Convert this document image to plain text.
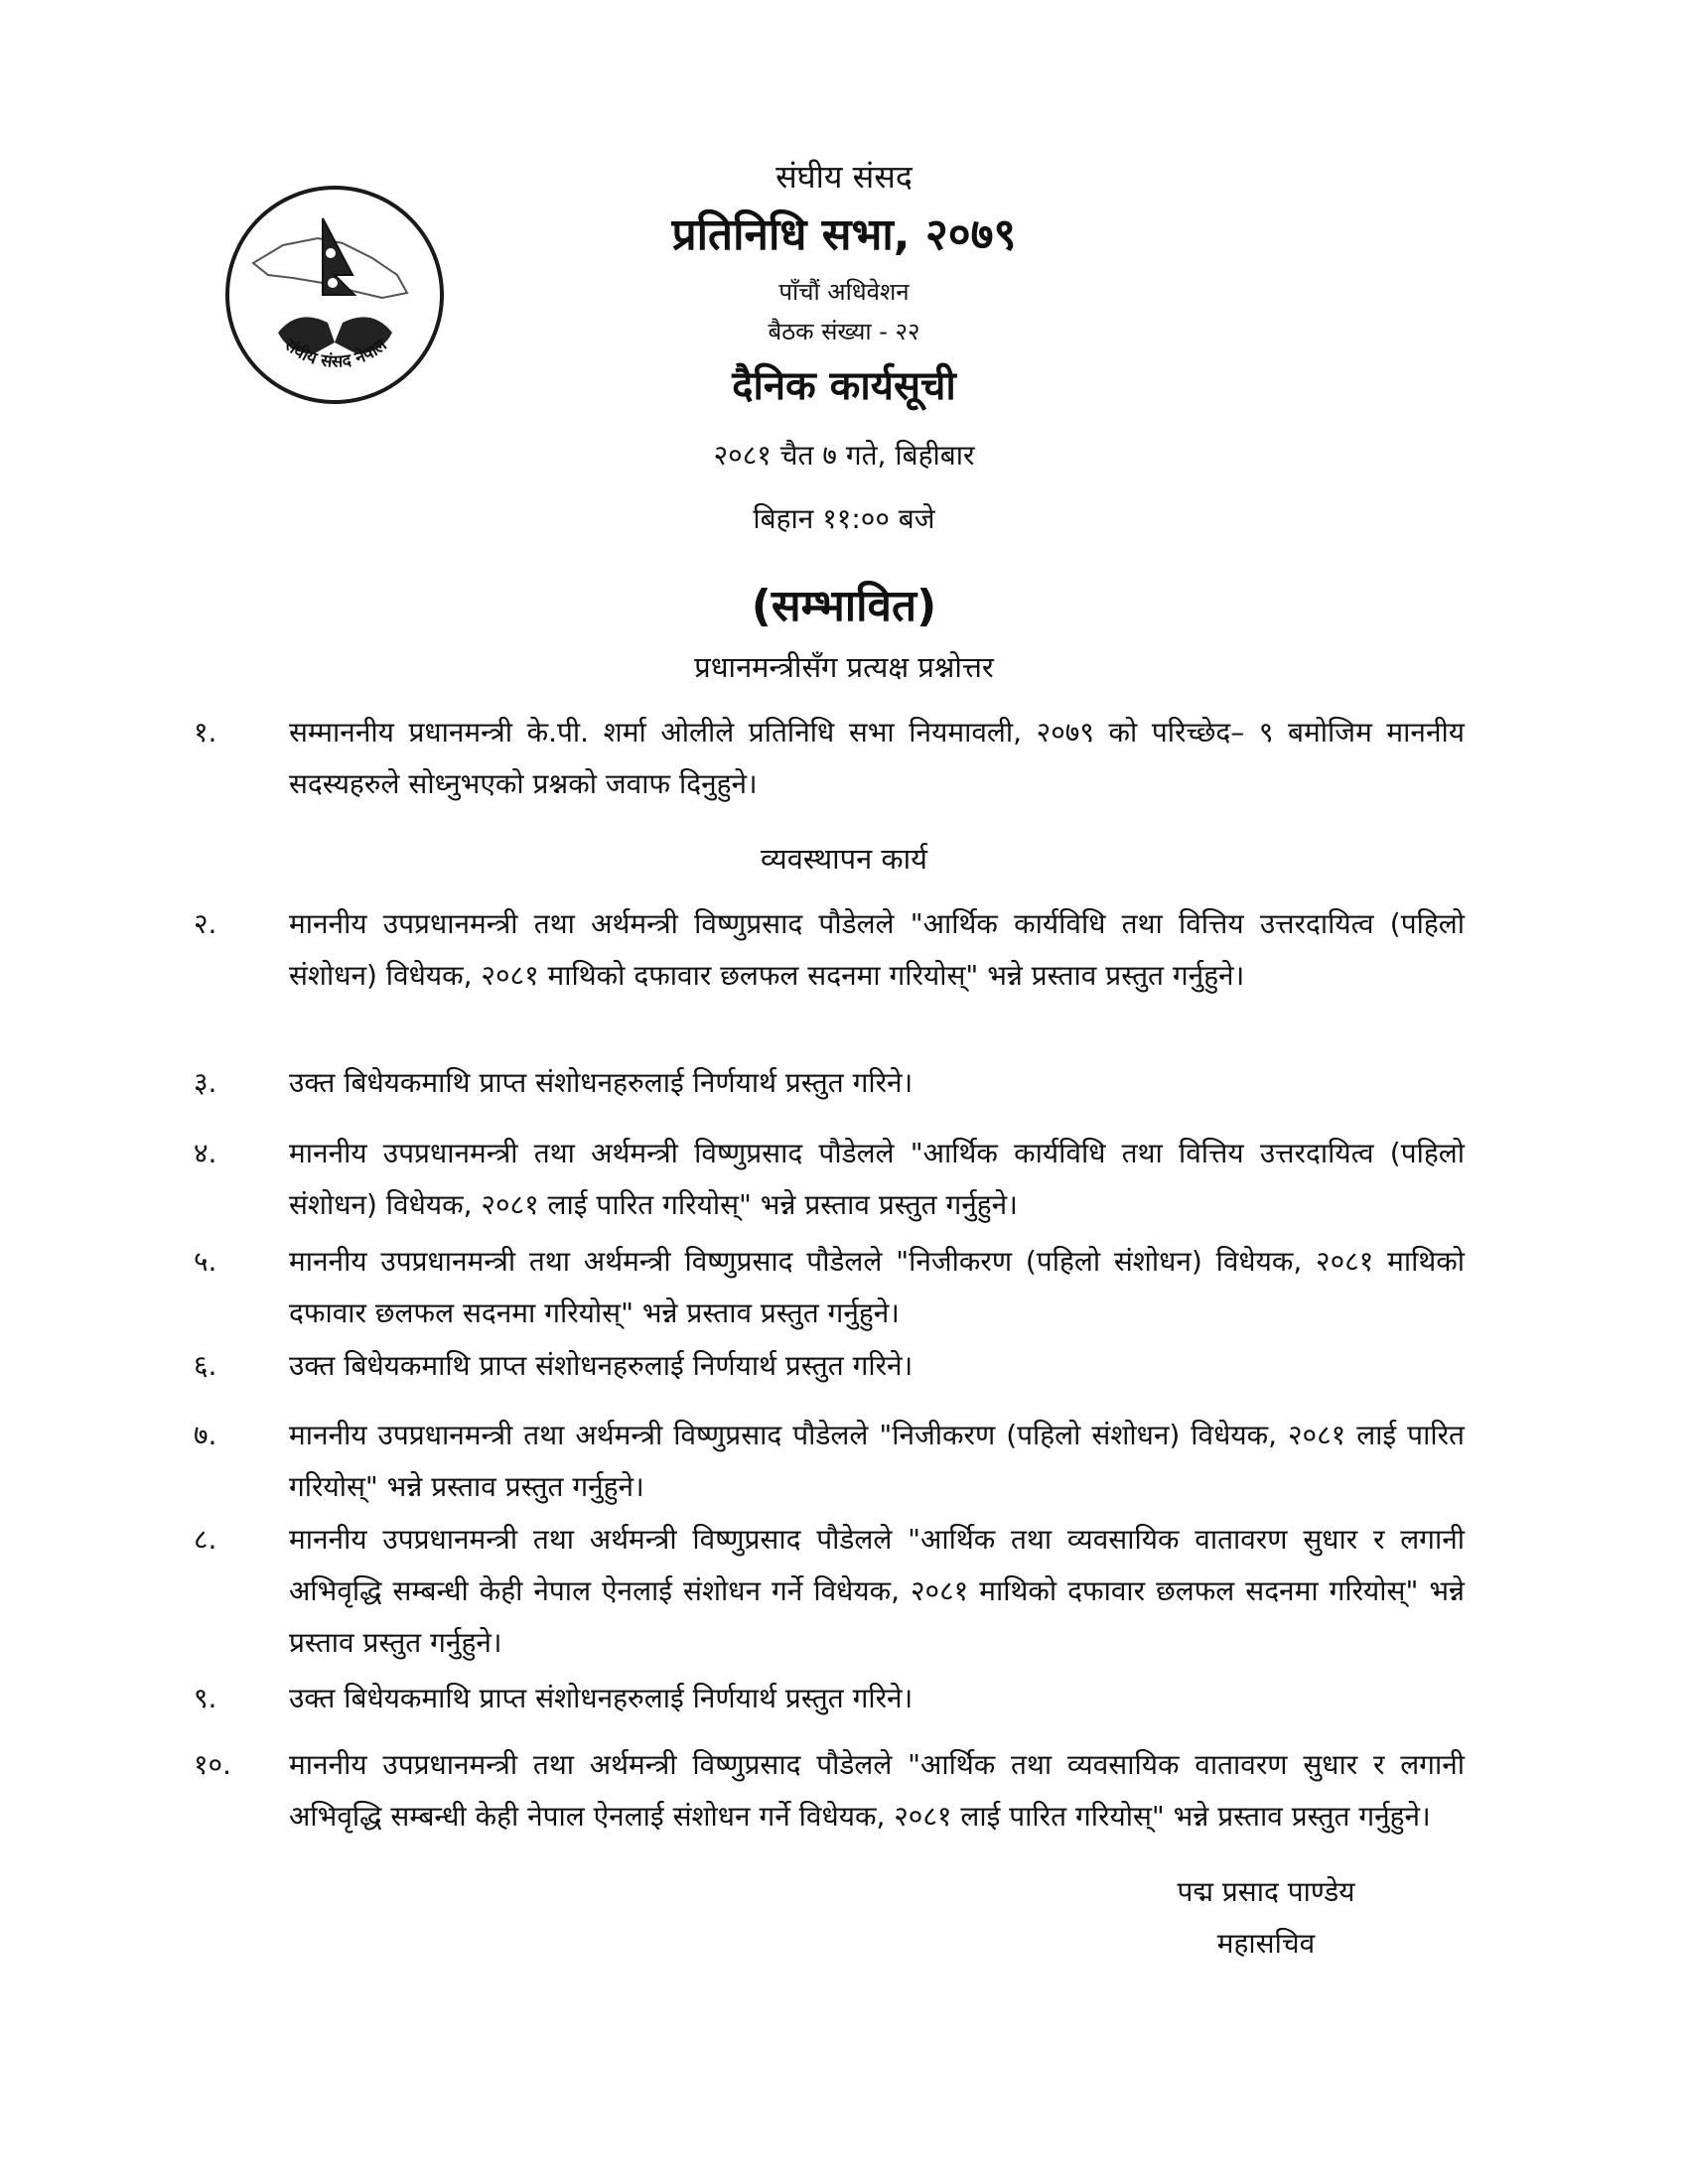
संघीय संसद नेपाल
संघीय संसद
प्रतिनिधि सभा, २०७९
पाँचौं अधिवेशन
बैठक संख्या - २२
दैनिक कार्यसूची
२०८१ चैत ७ गते, बिहीबार
बिहान ११:०० बजे
(सम्भावित)
प्रधानमन्त्रीसँग प्रत्यक्ष प्रश्नोत्तर
१.	सम्माननीय प्रधानमन्त्री के.पी. शर्मा ओलीले प्रतिनिधि सभा नियमावली, २०७९ को परिच्छेद– ९ बमोजिम माननीय सदस्यहरुले सोध्नुभएको प्रश्नको जवाफ दिनुहुने।
व्यवस्थापन कार्य
२.	माननीय उपप्रधानमन्त्री तथा अर्थमन्त्री विष्णुप्रसाद पौडेलले "आर्थिक कार्यविधि तथा वित्तिय उत्तरदायित्व (पहिलो संशोधन) विधेयक, २०८१ माथिको दफावार छलफल सदनमा गरियोस्" भन्ने प्रस्ताव प्रस्तुत गर्नुहुने।
३.	उक्त बिधेयकमाथि प्राप्त संशोधनहरुलाई निर्णयार्थ प्रस्तुत गरिने।
४.	माननीय उपप्रधानमन्त्री तथा अर्थमन्त्री विष्णुप्रसाद पौडेलले "आर्थिक कार्यविधि तथा वित्तिय उत्तरदायित्व (पहिलो संशोधन) विधेयक, २०८१ लाई पारित गरियोस्" भन्ने प्रस्ताव प्रस्तुत गर्नुहुने।
५.	माननीय उपप्रधानमन्त्री तथा अर्थमन्त्री विष्णुप्रसाद पौडेलले "निजीकरण (पहिलो संशोधन) विधेयक, २०८१ माथिको दफावार छलफल सदनमा गरियोस्" भन्ने प्रस्ताव प्रस्तुत गर्नुहुने।
६.	उक्त बिधेयकमाथि प्राप्त संशोधनहरुलाई निर्णयार्थ प्रस्तुत गरिने।
७.	माननीय उपप्रधानमन्त्री तथा अर्थमन्त्री विष्णुप्रसाद पौडेलले "निजीकरण (पहिलो संशोधन) विधेयक, २०८१ लाई पारित गरियोस्" भन्ने प्रस्ताव प्रस्तुत गर्नुहुने।
८.	माननीय उपप्रधानमन्त्री तथा अर्थमन्त्री विष्णुप्रसाद पौडेलले "आर्थिक तथा व्यवसायिक वातावरण सुधार र लगानी अभिवृद्धि सम्बन्धी केही नेपाल ऐनलाई संशोधन गर्ने विधेयक, २०८१ माथिको दफावार छलफल सदनमा गरियोस्" भन्ने प्रस्ताव प्रस्तुत गर्नुहुने।
९.	उक्त बिधेयकमाथि प्राप्त संशोधनहरुलाई निर्णयार्थ प्रस्तुत गरिने।
१०. माननीय उपप्रधानमन्त्री तथा अर्थमन्त्री विष्णुप्रसाद पौडेलले "आर्थिक तथा व्यवसायिक वातावरण सुधार र लगानी अभिवृद्धि सम्बन्धी केही नेपाल ऐनलाई संशोधन गर्ने विधेयक, २०८१ लाई पारित गरियोस्" भन्ने प्रस्ताव प्रस्तुत गर्नुहुने।
पद्म प्रसाद पाण्डेय
महासचिव
